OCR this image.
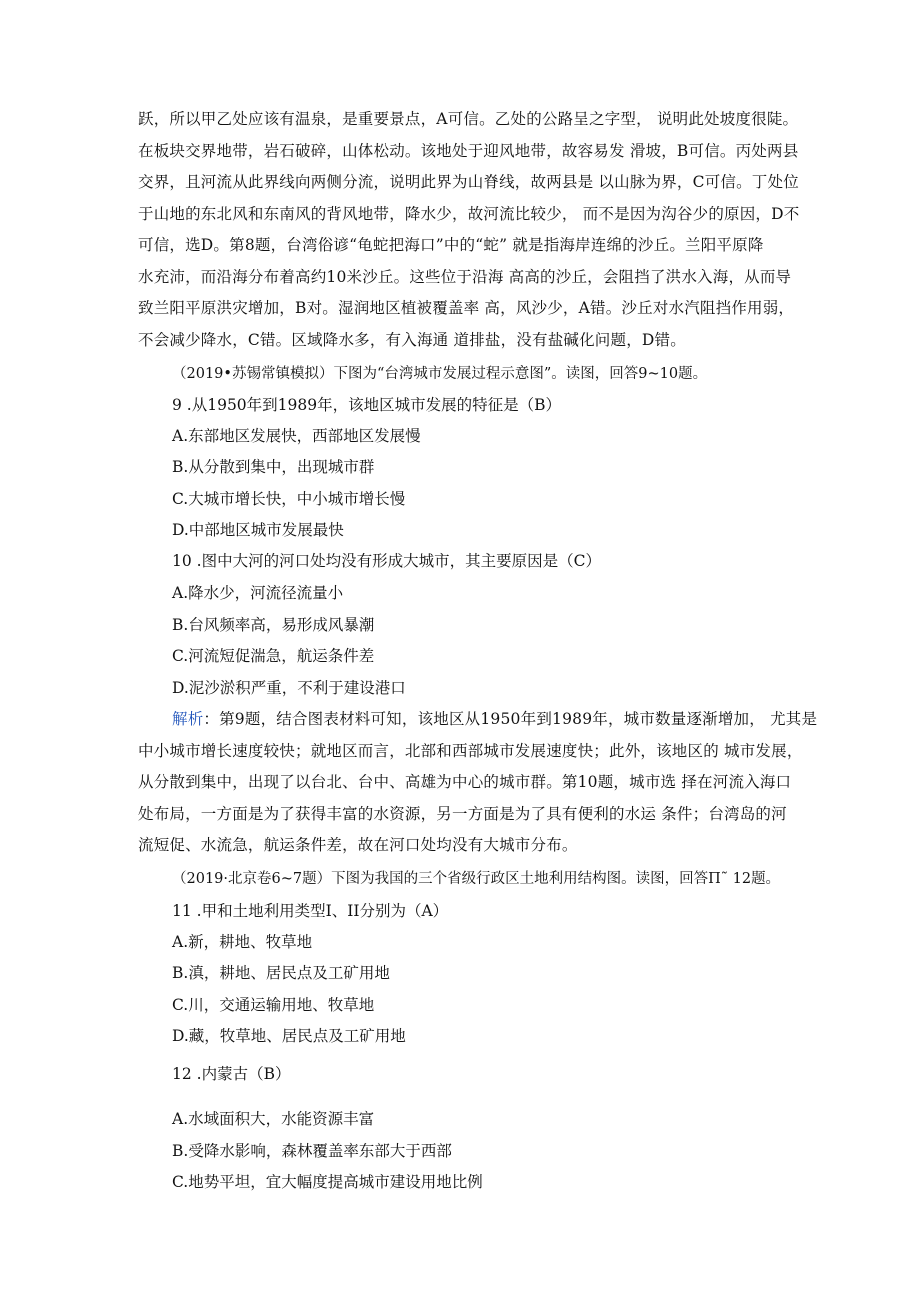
跃，所以甲乙处应该有温泉，是重要景点，A可信。乙处的公路呈之字型， 说明此处坡度很陡。
在板块交界地带，岩石破碎，山体松动。该地处于迎风地带，故容易发 滑坡，B可信。丙处两县
交界，且河流从此界线向两侧分流，说明此界为山脊线，故两县是 以山脉为界，C可信。丁处位
于山地的东北风和东南风的背风地带，降水少，故河流比较少， 而不是因为沟谷少的原因，D不
可信，选D。第8题，台湾俗谚“龟蛇把海口”中的“蛇” 就是指海岸连绵的沙丘。兰阳平原降
水充沛，而沿海分布着高约10米沙丘。这些位于沿海 高高的沙丘，会阻挡了洪水入海，从而导
致兰阳平原洪灾增加，B对。湿润地区植被覆盖率 高，风沙少，A错。沙丘对水汽阻挡作用弱，
不会减少降水，C错。区域降水多，有入海通 道排盐，没有盐碱化问题，D错。

（2019•苏锡常镇模拟）下图为“台湾城市发展过程示意图”。读图，回答9~10题。

9 .从1950年到1989年，该地区城市发展的特征是（B）

A.东部地区发展快，西部地区发展慢

B.从分散到集中，出现城市群

C.大城市增长快，中小城市增长慢

D.中部地区城市发展最快

10 .图中大河的河口处均没有形成大城市，其主要原因是（C）

A.降水少，河流径流量小

B.台风频率高，易形成风暴潮

C.河流短促湍急，航运条件差

D.泥沙淤积严重，不利于建设港口

解析：第9题，结合图表材料可知，该地区从1950年到1989年，城市数量逐渐增加， 尤其是
中小城市增长速度较快；就地区而言，北部和西部城市发展速度快；此外，该地区的 城市发展，
从分散到集中，出现了以台北、台中、高雄为中心的城市群。第10题，城市选 择在河流入海口
处布局，一方面是为了获得丰富的水资源，另一方面是为了具有便利的水运 条件；台湾岛的河
流短促、水流急，航运条件差，故在河口处均没有大城市分布。

（2019·北京卷6~7题）下图为我国的三个省级行政区土地利用结构图。读图，回答П˜ 12题。

11 .甲和土地利用类型I、II分别为（A）

A.新，耕地、牧草地

B.滇，耕地、居民点及工矿用地

C.川，交通运输用地、牧草地

D.藏，牧草地、居民点及工矿用地

12 .内蒙古（B）

A.水域面积大，水能资源丰富

B.受降水影响，森林覆盖率东部大于西部

C.地势平坦，宜大幅度提高城市建设用地比例
